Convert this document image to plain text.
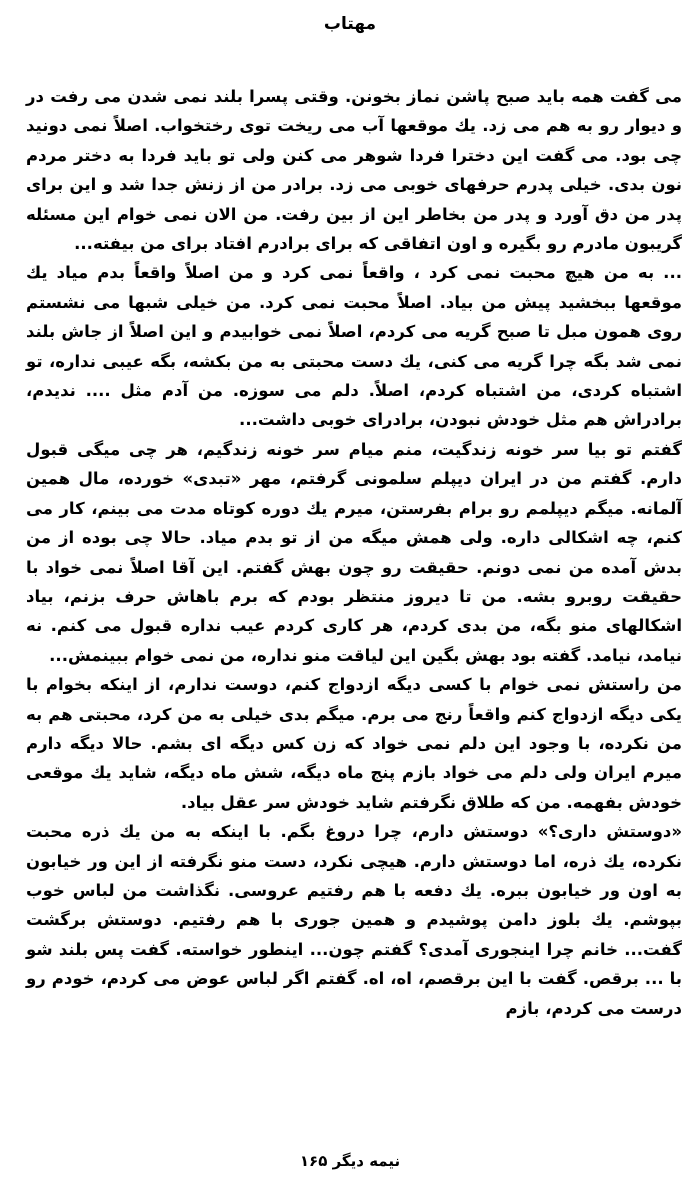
مهتاب

می گفت همه باید صبح پاشن نماز بخونن. وقتی پسرا بلند نمی شدن می رفت در و دیوار رو به هم می زد. یك موقعها آب می ریخت توی رختخواب. اصلاً نمی دونید چی بود. می گفت این دخترا فردا شوهر می کنن ولی تو باید فردا به دختر مردم نون بدی. خیلی پدرم حرفهای خوبی می زد. برادر من از زنش جدا شد و این برای پدر من دق آورد و پدر من بخاطر این از بین رفت. من الان نمی خوام این مسئله گریبون مادرم رو بگیره و اون اتفاقی که برای برادرم افتاد برای من بیفته...

... به من هیچ محبت نمی کرد ، واقعاً نمی کرد و من اصلاً واقعاً بدم میاد یك موقعها ببخشید پیش من بیاد. اصلاً محبت نمی کرد. من خیلی شبها می نشستم روی همون مبل تا صبح گریه می کردم، اصلاً نمی خوابیدم و این اصلاً از جاش بلند نمی شد بگه چرا گریه می کنی، یك دست محبتی به من بکشه، بگه عیبی نداره، تو اشتباه کردی، من اشتباه کردم، اصلاً. دلم می سوزه. من آدم مثل .... ندیدم، برادراش هم مثل خودش نبودن، برادرای خوبی داشت...

گفتم تو بیا سر خونه زندگیت، منم میام سر خونه زندگیم، هر چی میگی قبول دارم. گفتم من در ایران دیپلم سلمونی گرفتم، مهر «تبدی» خورده، مال همین آلمانه. میگم دیپلمم رو برام بفرستن، میرم یك دوره کوتاه مدت می بینم، کار می کنم، چه اشکالی داره. ولی همش میگه من از تو بدم میاد. حالا چی بوده از من بدش آمده من نمی دونم. حقیقت رو چون بهش گفتم. این آقا اصلاً نمی خواد با حقیقت روبرو بشه. من تا دیروز منتظر بودم که برم باهاش حرف بزنم، بیاد اشکالهای منو بگه، من بدی کردم، هر کاری کردم عیب نداره قبول می کنم. نه نیامد، نیامد. گفته بود بهش بگین این لیاقت منو نداره، من نمی خوام ببینمش...

من راستش نمی خوام با کسی دیگه ازدواج کنم، دوست ندارم، از اینکه بخوام با یکی دیگه ازدواج کنم واقعاً رنج می برم. میگم بدی خیلی به من کرد، محبتی هم به من نکرده، با وجود این دلم نمی خواد که زن کس دیگه ای بشم. حالا دیگه دارم میرم ایران ولی دلم می خواد بازم پنج ماه دیگه، شش ماه دیگه، شاید یك موقعی خودش بفهمه. من که طلاق نگرفتم شاید خودش سر عقل بیاد.

«دوستش داری؟» دوستش دارم، چرا دروغ بگم. با اینکه به من یك ذره محبت نکرده، یك ذره، اما دوستش دارم. هیچی نکرد، دست منو نگرفته از این ور خیابون به اون ور خیابون ببره. یك دفعه با هم رفتیم عروسی. نگذاشت من لباس خوب بپوشم. یك بلوز دامن پوشیدم و همین جوری با هم رفتیم. دوستش برگشت گفت... خانم چرا اینجوری آمدی؟ گفتم چون... اینطور خواسته. گفت پس بلند شو با ... برقص. گفت با این برقصم، اه، اه. گفتم اگر لباس عوض می کردم، خودم رو درست می کردم، بازم

نیمه دیگر ۱۶۵
